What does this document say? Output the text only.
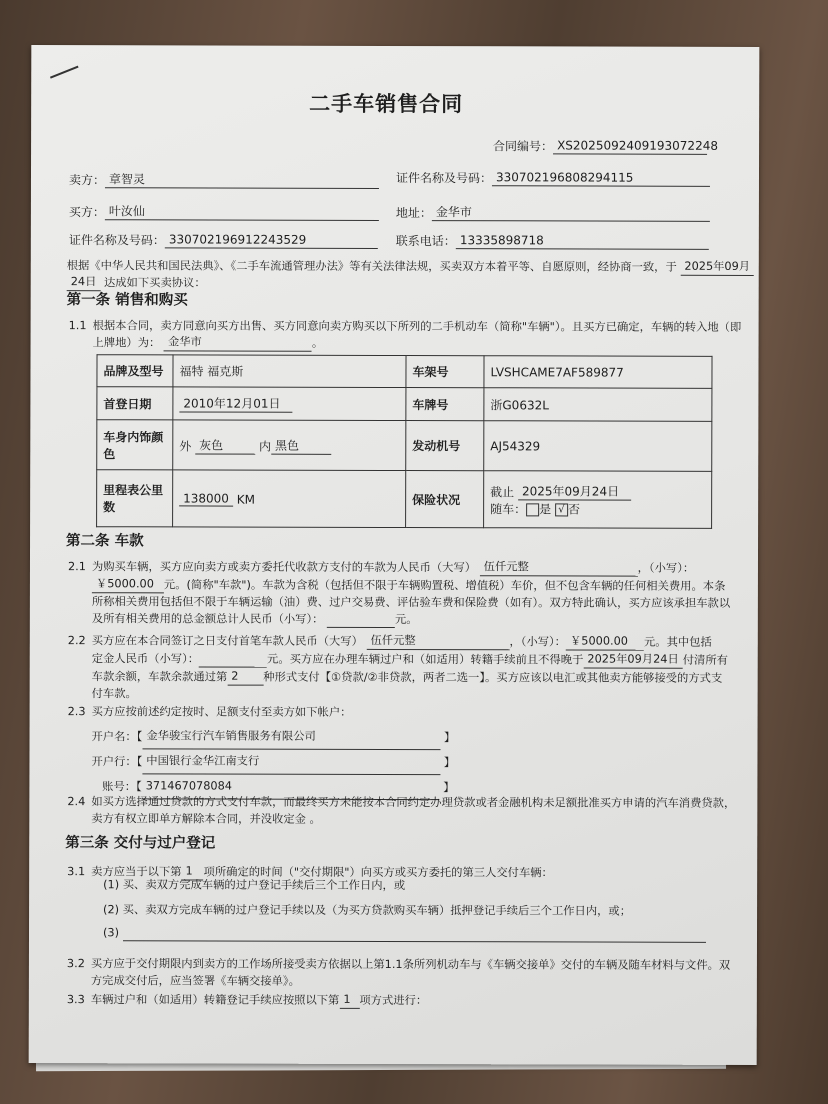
二手车销售合同
合同编号： XS2025092409193072248
卖方： 章智灵	证件名称及号码： 330702196808294115
买方： 叶汝仙	地址： 金华市
证件名称及号码： 330702196912243529	联系电话： 13335898718
根据《中华人民共和国民法典》、《二手车流通管理办法》等有关法律法规，买卖双方本着平等、自愿原则，经协商一致，于 2025年09月
24日 达成如下买卖协议：
第一条 销售和购买
1.1 根据本合同，卖方同意向买方出售、买方同意向卖方购买以下所列的二手机动车（简称"车辆"）。且买方已确定，车辆的转入地（即
上牌地）为： 金华市	。
品牌及型号	福特 福克斯	车架号	LVSHCAME7AF589877
首登日期	2010年12月01日	车牌号	浙G0632L
车身内饰颜色	外 灰色 内 黑色	发动机号	AJ54329
里程表公里数	138000 KM	保险状况	截止 2025年09月24日
随车： 是 √ 否
第二条 车款
2.1 为购买车辆，买方应向卖方或卖方委托代收款方支付的车款为人民币（大写） 伍仟元整	，（小写）：
￥5000.00 元。(简称"车款")。车款为含税（包括但不限于车辆购置税、增值税）车价，但不包含车辆的任何相关费用。本条
所称相关费用包括但不限于车辆运输（油）费、过户交易费、评估验车费和保险费（如有）。双方特此确认，买方应该承担车款以
及所有相关费用的总金额总计人民币（小写）：	元。
2.2 买方应在本合同签订之日支付首笔车款人民币（大写） 伍仟元整	，（小写）： ￥5000.00 元。其中包括
定金人民币（小写）：	元。买方应在办理车辆过户和（如适用）转籍手续前且不得晚于 2025年09月24日 付清所有
车款余额，车款余款通过第 2 种形式支付【①贷款/②非贷款，两者二选一】。买方应该以电汇或其他卖方能够接受的方式支
付车款。
2.3 买方应按前述约定按时、足额支付至卖方如下帐户：
开户名：【 金华骏宝行汽车销售服务有限公司	】
开户行：【 中国银行金华江南支行	】
账号：【 371467078084	】
2.4 如买方选择通过贷款的方式支付车款，而最终买方未能按本合同约定办理贷款或者金融机构未足额批准买方申请的汽车消费贷款，
卖方有权立即单方解除本合同，并没收定金 。
第三条 交付与过户登记
3.1 卖方应当于以下第 1 项所确定的时间（"交付期限"）向买方或买方委托的第三人交付车辆：
(1) 买、卖双方完成车辆的过户登记手续后三个工作日内，或
(2) 买、卖双方完成车辆的过户登记手续以及（为买方贷款购买车辆）抵押登记手续后三个工作日内，或；
(3)
3.2 买方应于交付期限内到卖方的工作场所接受卖方依据以上第1.1条所列机动车与《车辆交接单》交付的车辆及随车材料与文件。双
方完成交付后，应当签署《车辆交接单》。
3.3 车辆过户和（如适用）转籍登记手续应按照以下第 1 项方式进行：
